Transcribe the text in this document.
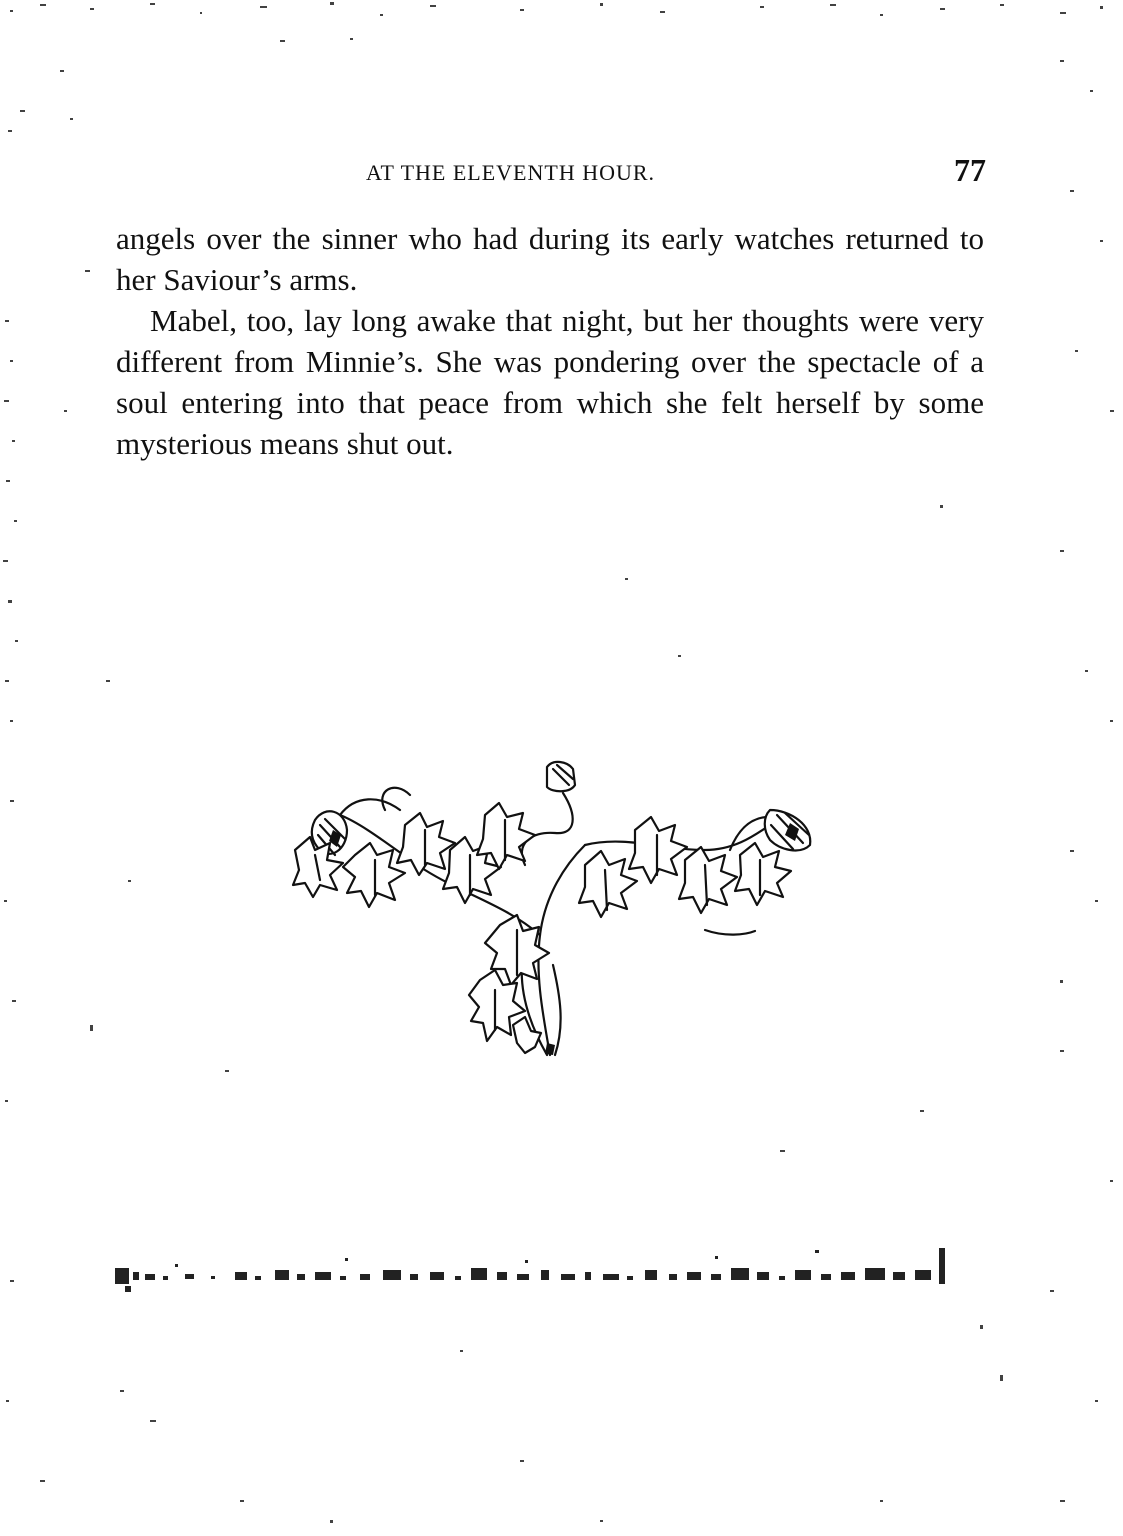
AT THE ELEVENTH HOUR.	77

angels over the sinner who had during its early watches returned to her Saviour’s arms.

Mabel, too, lay long awake that night, but her thoughts were very different from Minnie’s. She was pondering over the spectacle of a soul entering into that peace from which she felt herself by some mysterious means shut out.
